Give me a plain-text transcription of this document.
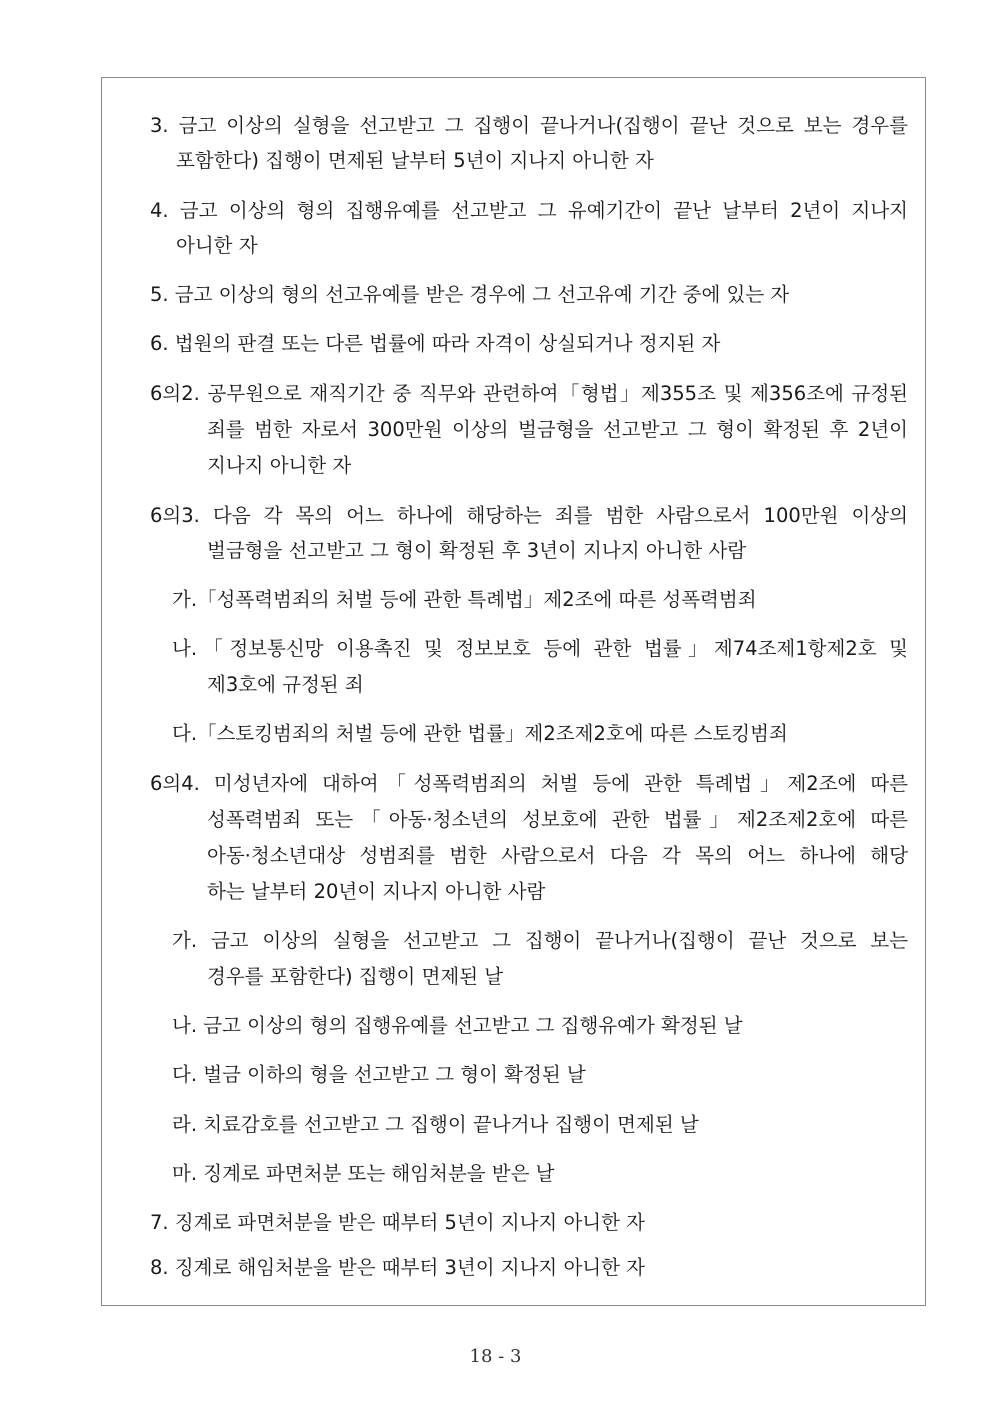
3. 금고 이상의 실형을 선고받고 그 집행이 끝나거나(집행이 끝난 것으로 보는 경우를

포함한다) 집행이 면제된 날부터 5년이 지나지 아니한 자

4. 금고 이상의 형의 집행유예를 선고받고 그 유예기간이 끝난 날부터 2년이 지나지

아니한 자

5. 금고 이상의 형의 선고유예를 받은 경우에 그 선고유예 기간 중에 있는 자

6. 법원의 판결 또는 다른 법률에 따라 자격이 상실되거나 정지된 자

6의2. 공무원으로 재직기간 중 직무와 관련하여「형법」제355조 및 제356조에 규정된

죄를 범한 자로서 300만원 이상의 벌금형을 선고받고 그 형이 확정된 후 2년이

지나지 아니한 자

6의3. 다음 각 목의 어느 하나에 해당하는 죄를 범한 사람으로서 100만원 이상의

벌금형을 선고받고 그 형이 확정된 후 3년이 지나지 아니한 사람

가.「성폭력범죄의 처벌 등에 관한 특례법」제2조에 따른 성폭력범죄

나.「정보통신망 이용촉진 및 정보보호 등에 관한 법률」제74조제1항제2호 및

제3호에 규정된 죄

다.「스토킹범죄의 처벌 등에 관한 법률」제2조제2호에 따른 스토킹범죄

6의4. 미성년자에 대하여「성폭력범죄의 처벌 등에 관한 특례법」제2조에 따른

성폭력범죄 또는「아동·청소년의 성보호에 관한 법률」제2조제2호에 따른

아동·청소년대상 성범죄를 범한 사람으로서 다음 각 목의 어느 하나에 해당

하는 날부터 20년이 지나지 아니한 사람

가. 금고 이상의 실형을 선고받고 그 집행이 끝나거나(집행이 끝난 것으로 보는

경우를 포함한다) 집행이 면제된 날

나. 금고 이상의 형의 집행유예를 선고받고 그 집행유예가 확정된 날

다. 벌금 이하의 형을 선고받고 그 형이 확정된 날

라. 치료감호를 선고받고 그 집행이 끝나거나 집행이 면제된 날

마. 징계로 파면처분 또는 해임처분을 받은 날

7. 징계로 파면처분을 받은 때부터 5년이 지나지 아니한 자

8. 징계로 해임처분을 받은 때부터 3년이 지나지 아니한 자

18 - 3
